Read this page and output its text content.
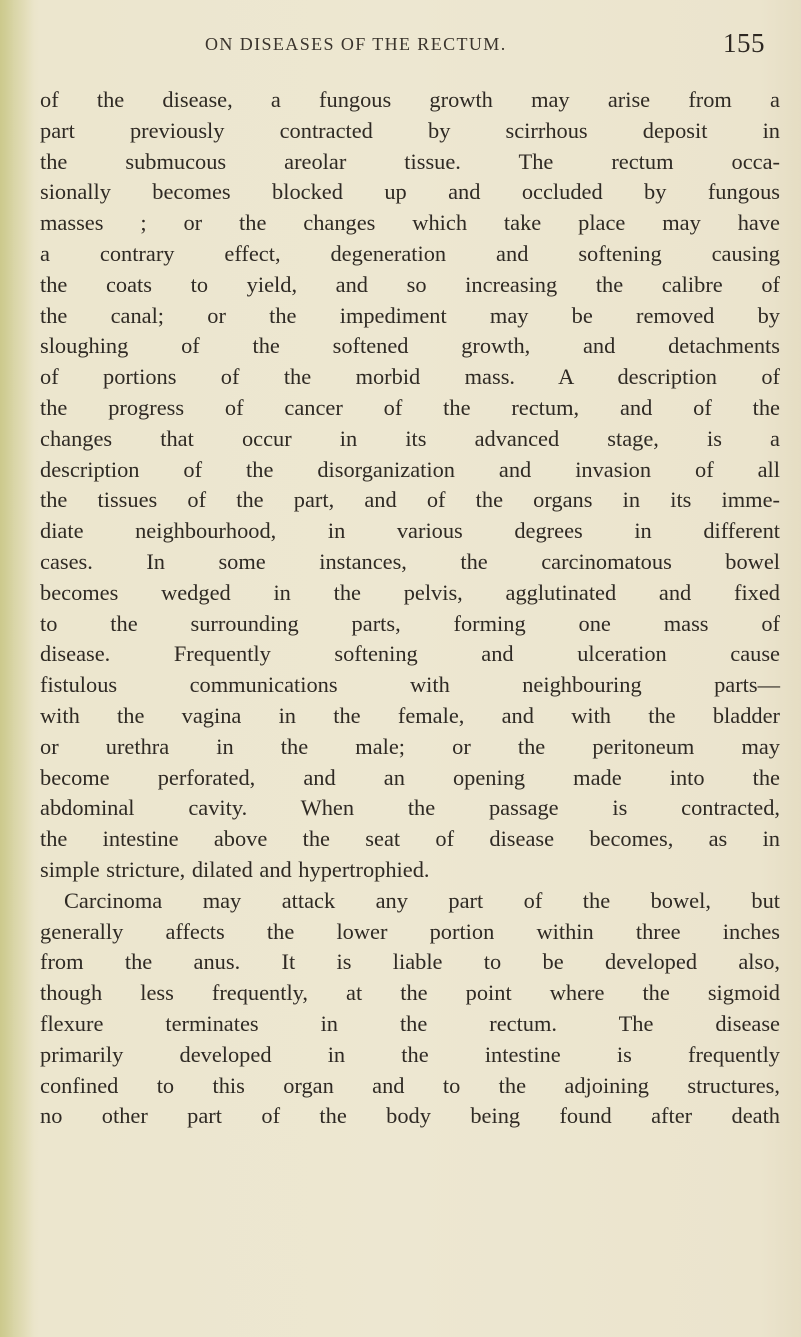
ON DISEASES OF THE RECTUM.	155
of the disease, a fungous growth may arise from a
part previously contracted by scirrhous deposit in
the submucous areolar tissue. The rectum occa-
sionally becomes blocked up and occluded by fungous
masses ; or the changes which take place may have
a contrary effect, degeneration and softening causing
the coats to yield, and so increasing the calibre of
the canal; or the impediment may be removed by
sloughing of the softened growth, and detachments
of portions of the morbid mass. A description of
the progress of cancer of the rectum, and of the
changes that occur in its advanced stage, is a
description of the disorganization and invasion of all
the tissues of the part, and of the organs in its imme-
diate neighbourhood, in various degrees in different
cases. In some instances, the carcinomatous bowel
becomes wedged in the pelvis, agglutinated and fixed
to the surrounding parts, forming one mass of
disease. Frequently softening and ulceration cause
fistulous communications with neighbouring parts—
with the vagina in the female, and with the bladder
or urethra in the male; or the peritoneum may
become perforated, and an opening made into the
abdominal cavity. When the passage is contracted,
the intestine above the seat of disease becomes, as in
simple stricture, dilated and hypertrophied.
Carcinoma may attack any part of the bowel, but
generally affects the lower portion within three inches
from the anus. It is liable to be developed also,
though less frequently, at the point where the sigmoid
flexure terminates in the rectum. The disease
primarily developed in the intestine is frequently
confined to this organ and to the adjoining structures,
no other part of the body being found after death
